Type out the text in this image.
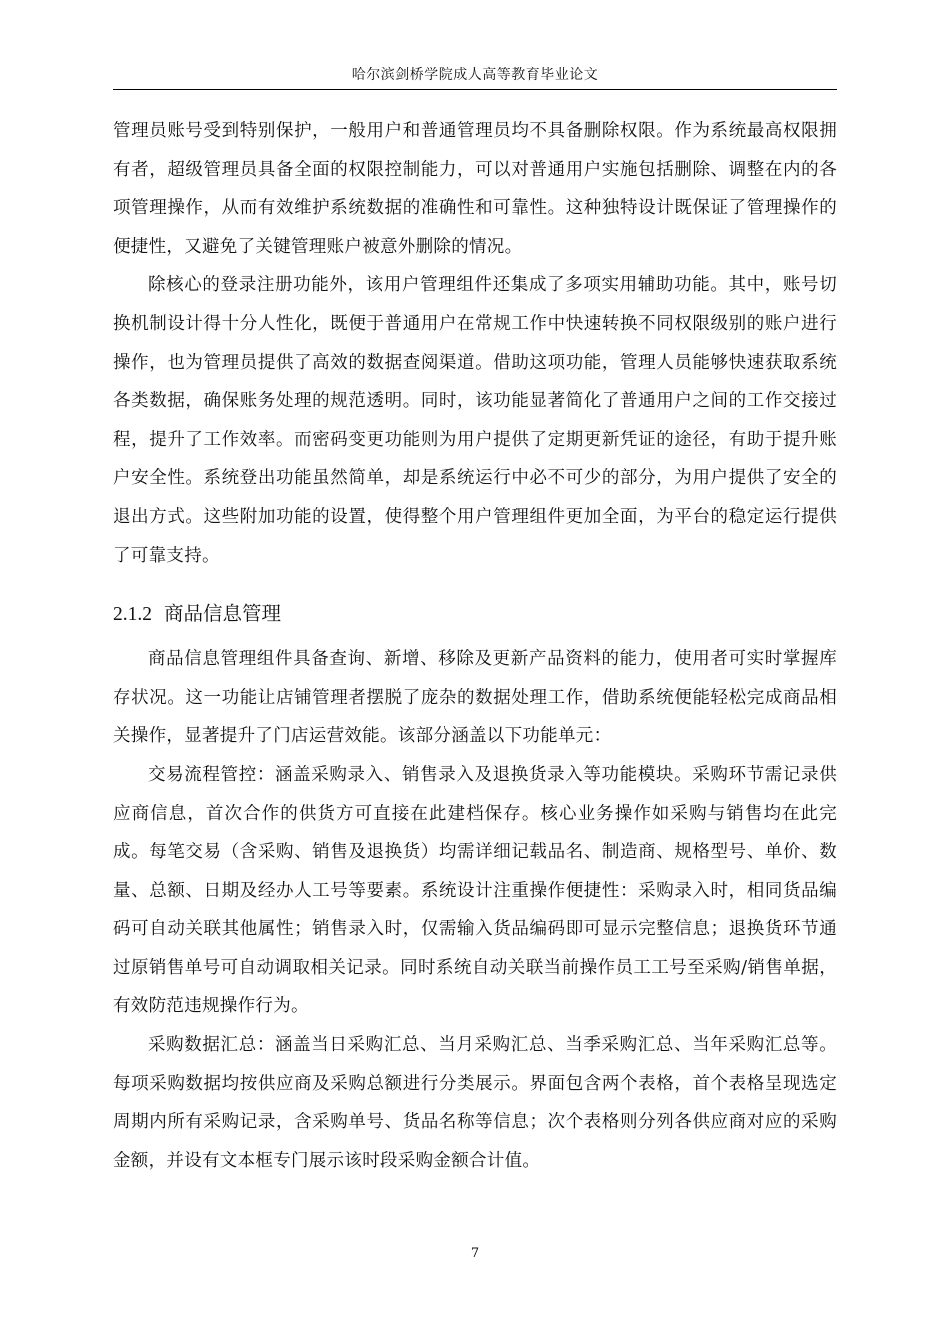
哈尔滨剑桥学院成人高等教育毕业论文

管理员账号受到特别保护，一般用户和普通管理员均不具备删除权限。作为系统最高权限拥有者，超级管理员具备全面的权限控制能力，可以对普通用户实施包括删除、调整在内的各项管理操作，从而有效维护系统数据的准确性和可靠性。这种独特设计既保证了管理操作的便捷性，又避免了关键管理账户被意外删除的情况。

除核心的登录注册功能外，该用户管理组件还集成了多项实用辅助功能。其中，账号切换机制设计得十分人性化，既便于普通用户在常规工作中快速转换不同权限级别的账户进行操作，也为管理员提供了高效的数据查阅渠道。借助这项功能，管理人员能够快速获取系统各类数据，确保账务处理的规范透明。同时，该功能显著简化了普通用户之间的工作交接过程，提升了工作效率。而密码变更功能则为用户提供了定期更新凭证的途径，有助于提升账户安全性。系统登出功能虽然简单，却是系统运行中必不可少的部分，为用户提供了安全的退出方式。这些附加功能的设置，使得整个用户管理组件更加全面，为平台的稳定运行提供了可靠支持。

2.1.2 商品信息管理

商品信息管理组件具备查询、新增、移除及更新产品资料的能力，使用者可实时掌握库存状况。这一功能让店铺管理者摆脱了庞杂的数据处理工作，借助系统便能轻松完成商品相关操作，显著提升了门店运营效能。该部分涵盖以下功能单元：

交易流程管控：涵盖采购录入、销售录入及退换货录入等功能模块。采购环节需记录供应商信息，首次合作的供货方可直接在此建档保存。核心业务操作如采购与销售均在此完成。每笔交易（含采购、销售及退换货）均需详细记载品名、制造商、规格型号、单价、数量、总额、日期及经办人工号等要素。系统设计注重操作便捷性：采购录入时，相同货品编码可自动关联其他属性；销售录入时，仅需输入货品编码即可显示完整信息；退换货环节通过原销售单号可自动调取相关记录。同时系统自动关联当前操作员工工号至采购/销售单据，有效防范违规操作行为。

采购数据汇总：涵盖当日采购汇总、当月采购汇总、当季采购汇总、当年采购汇总等。每项采购数据均按供应商及采购总额进行分类展示。界面包含两个表格，首个表格呈现选定周期内所有采购记录，含采购单号、货品名称等信息；次个表格则分列各供应商对应的采购金额，并设有文本框专门展示该时段采购金额合计值。

7
